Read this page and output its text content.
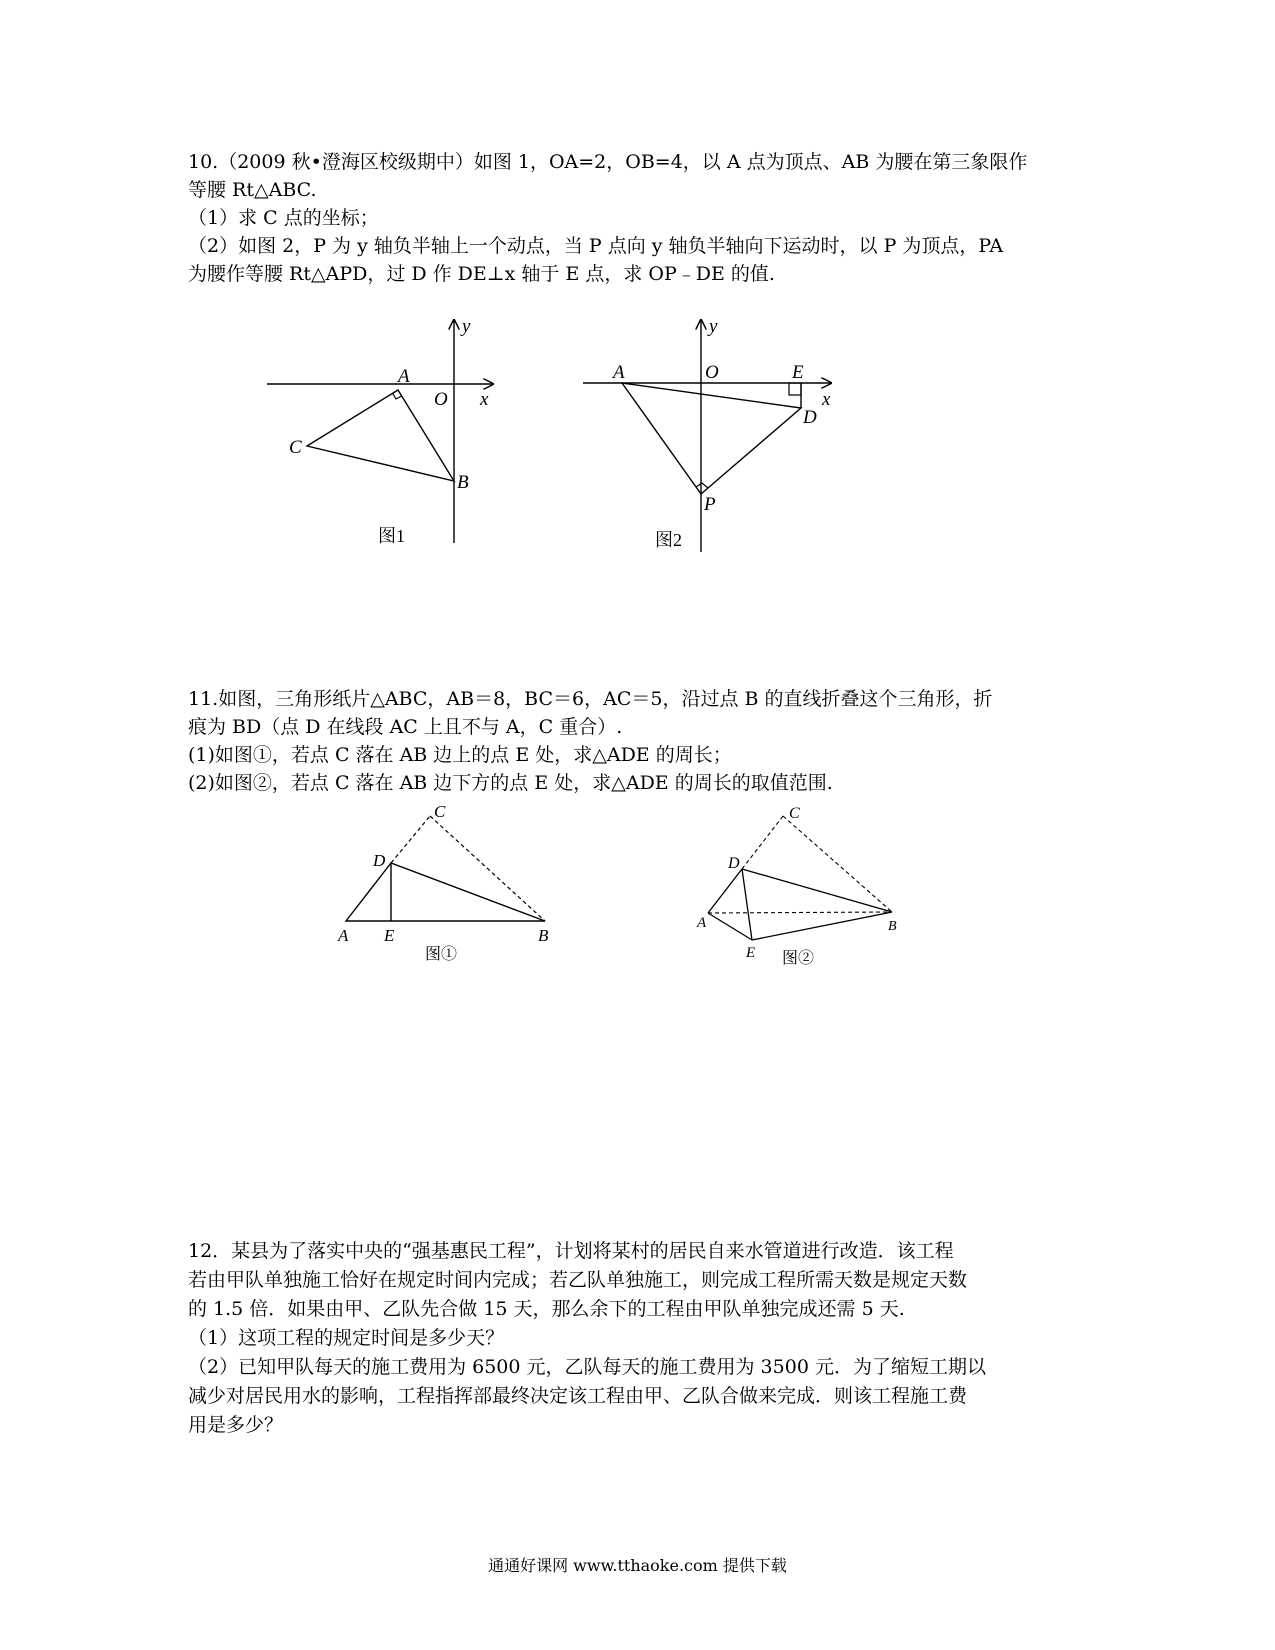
10.（2009 秋•澄海区校级期中）如图 1，OA=2，OB=4，以 A 点为顶点、AB 为腰在第三象限作
等腰 Rt△ABC.
（1）求 C 点的坐标；
（2）如图 2，P 为 y 轴负半轴上一个动点，当 P 点向 y 轴负半轴向下运动时，以 P 为顶点，PA
为腰作等腰 Rt△APD，过 D 作 DE⊥x 轴于 E 点，求 OP﹣DE 的值.
y
x
A
O
C
B
图1
y
x
A	O	E
D
P
图2
11.如图，三角形纸片△ABC，AB＝8，BC＝6，AC＝5，沿过点 B 的直线折叠这个三角形，折
痕为 BD（点 D 在线段 AC 上且不与 A，C 重合）.
(1)如图①，若点 C 落在 AB 边上的点 E 处，求△ADE 的周长；
(2)如图②，若点 C 落在 AB 边下方的点 E 处，求△ADE 的周长的取值范围.
C
D
A E	B
图①
C
D
A
E
B
图②
12．某县为了落实中央的“强基惠民工程”，计划将某村的居民自来水管道进行改造．该工程
若由甲队单独施工恰好在规定时间内完成；若乙队单独施工，则完成工程所需天数是规定天数
的 1.5 倍．如果由甲、乙队先合做 15 天，那么余下的工程由甲队单独完成还需 5 天.
（1）这项工程的规定时间是多少天？
（2）已知甲队每天的施工费用为 6500 元，乙队每天的施工费用为 3500 元．为了缩短工期以
减少对居民用水的影响，工程指挥部最终决定该工程由甲、乙队合做来完成．则该工程施工费
用是多少？
通通好课网 www.tthaoke.com 提供下载
